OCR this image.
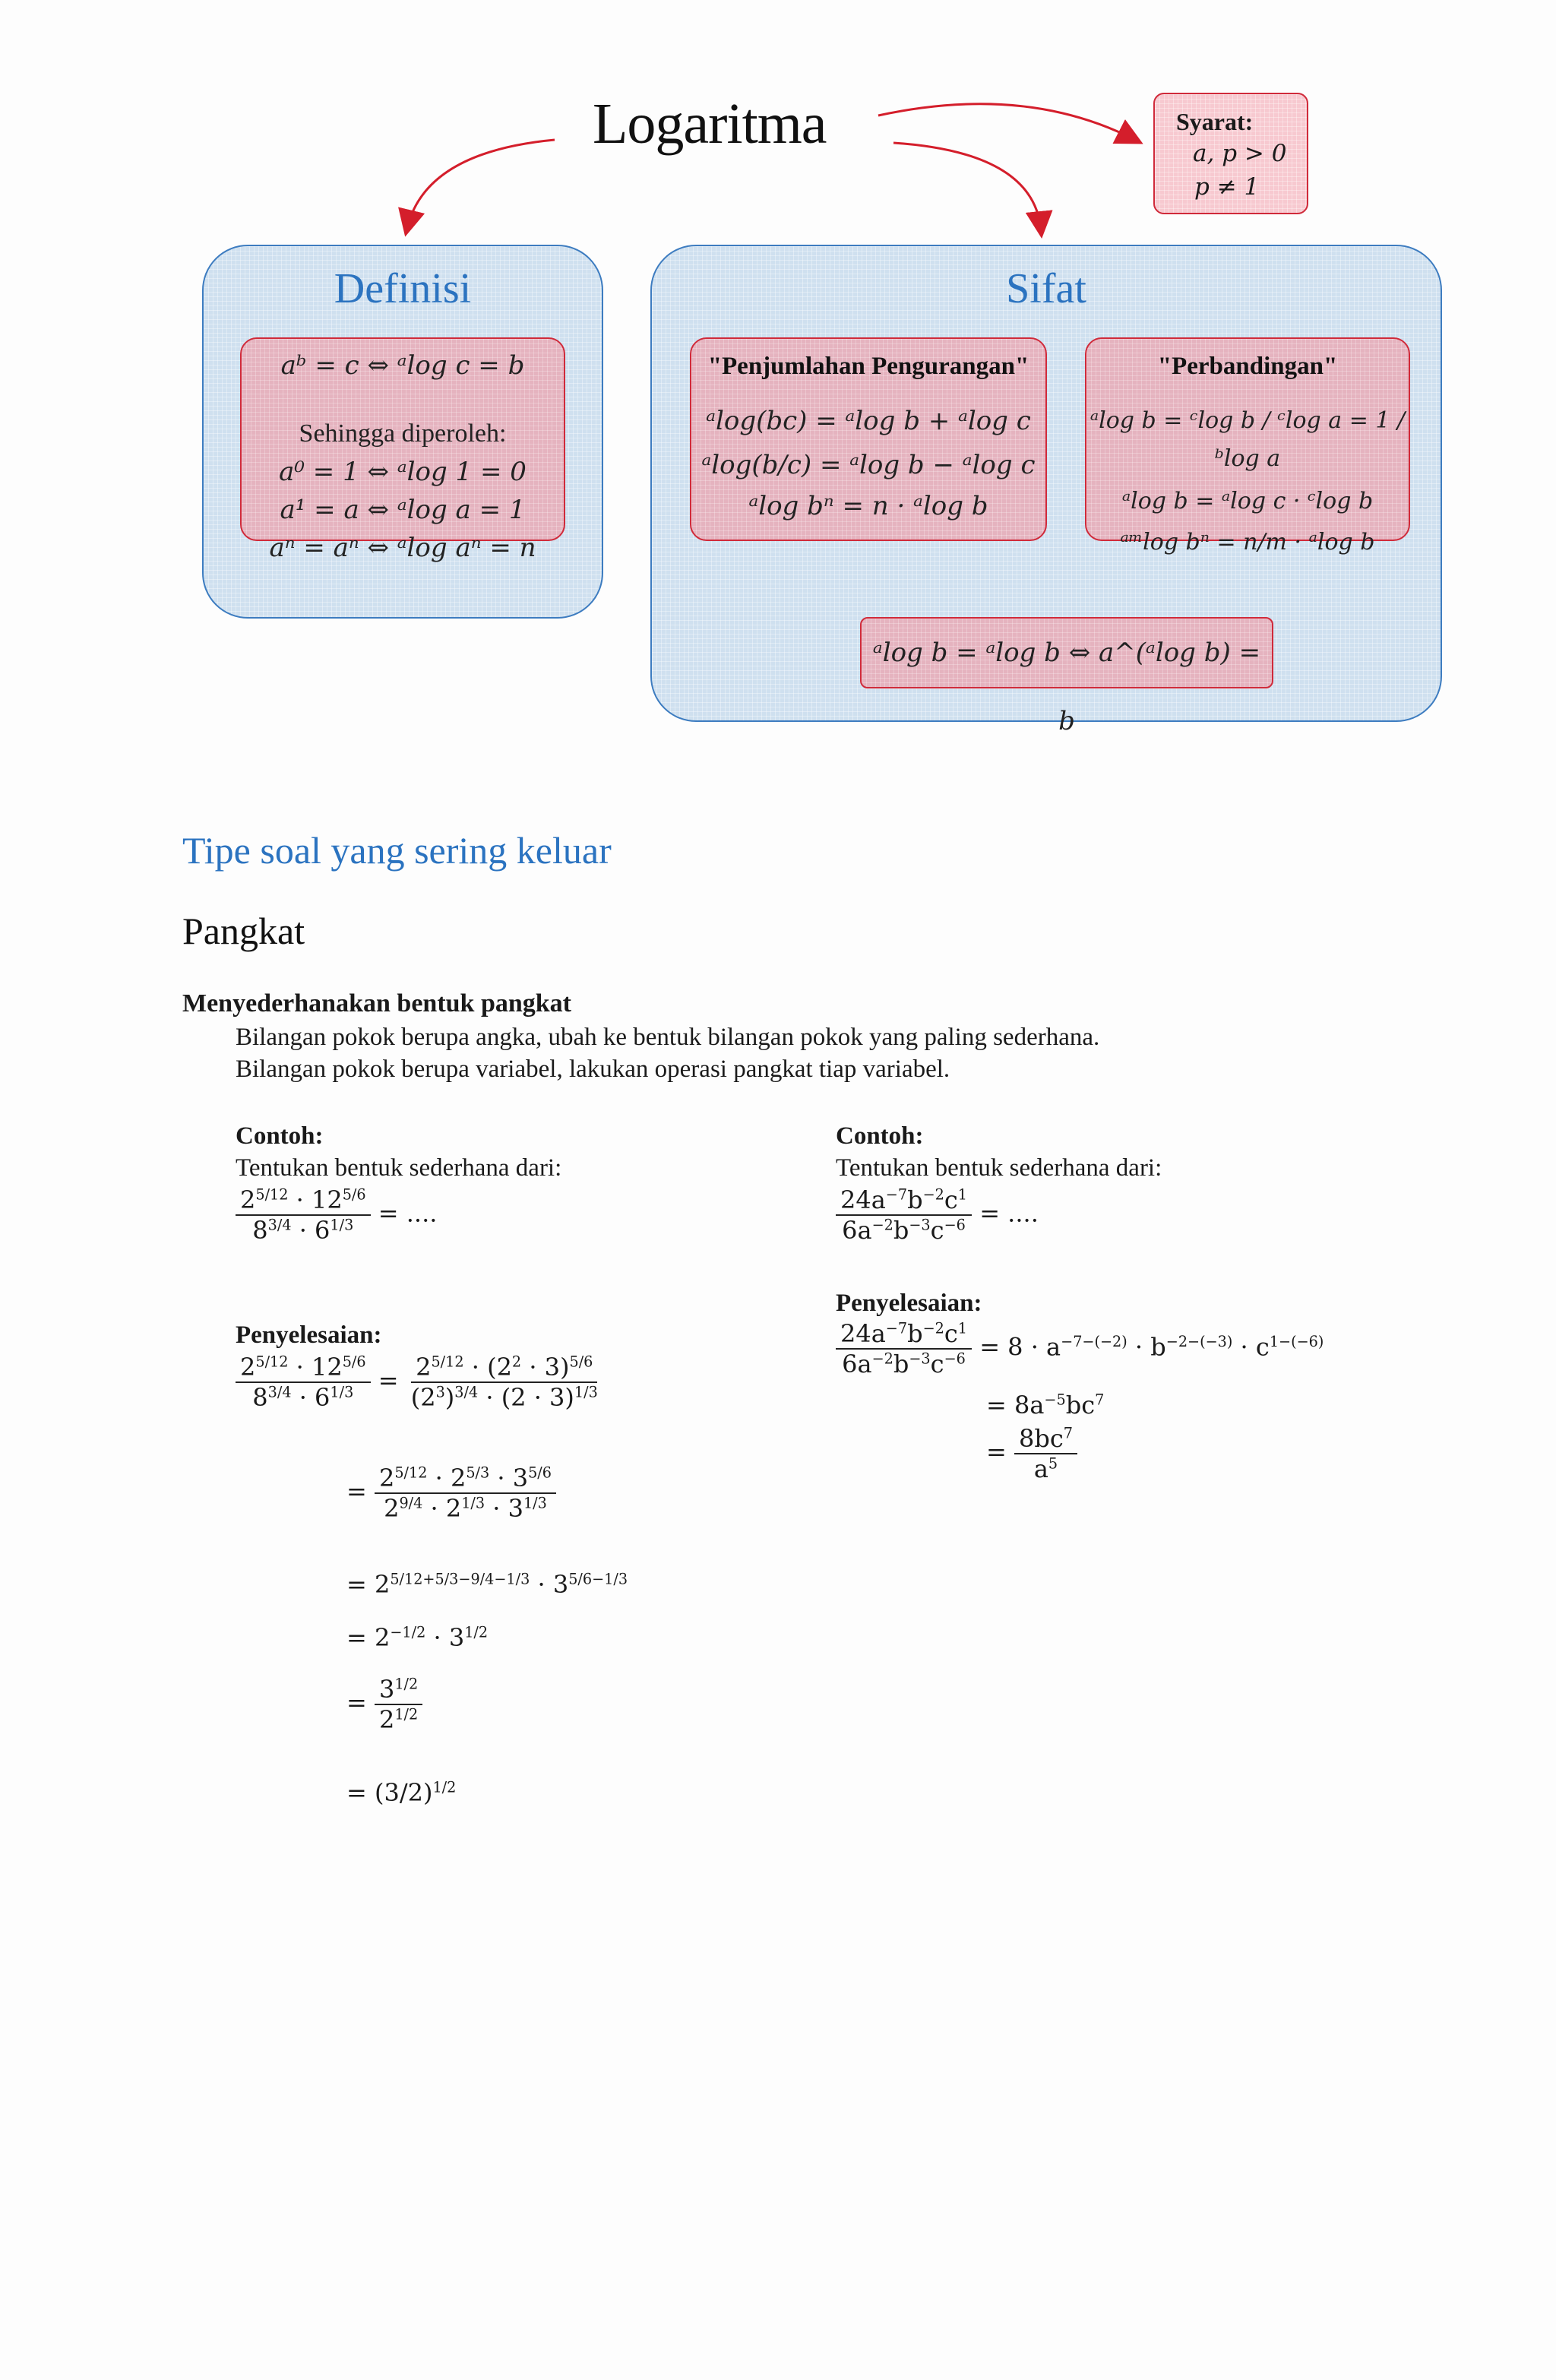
Logaritma	Syarat:
a, p > 0
p ≠ 1
Definisi
aᵇ = c ⇔ ᵃlog c = b
Sehingga diperoleh:
a⁰ = 1 ⇔ ᵃlog 1 = 0
a¹ = a ⇔ ᵃlog a = 1
aⁿ = aⁿ ⇔ ᵃlog aⁿ = n
Sifat
"Penjumlahan Pengurangan"
ᵃlog(bc) = ᵃlog b + ᵃlog c
ᵃlog(b/c) = ᵃlog b − ᵃlog c
ᵃlog bⁿ = n · ᵃlog b
"Perbandingan"
ᵃlog b = ᶜlog b / ᶜlog a = 1 / ᵇlog a
ᵃlog b = ᵃlog c · ᶜlog b
ᵃᵐlog bⁿ = n/m · ᵃlog b
ᵃlog b = ᵃlog b ⇔ a^(ᵃlog b) = b
Tipe soal yang sering keluar
Pangkat
Menyederhanakan bentuk pangkat
Bilangan pokok berupa angka, ubah ke bentuk bilangan pokok yang paling sederhana.
Bilangan pokok berupa variabel, lakukan operasi pangkat tiap variabel.
Contoh:
Tentukan bentuk sederhana dari:
$\frac{2^{5/12} \cdot 12^{5/6}}{8^{3/4} \cdot 6^{1/3}}$ = ....
Penyelesaian:
$\frac{2^{5/12} \cdot 12^{5/6}}{8^{3/4} \cdot 6^{1/3}} = \frac{2^{5/12} \cdot (2^2 \cdot 3)^{5/6}}{(2^3)^{3/4} \cdot (2 \cdot 3)^{1/3}}$
= $\frac{2^{5/12} \cdot 2^{5/3} \cdot 3^{5/6}}{2^{9/4} \cdot 2^{1/3} \cdot 3^{1/3}}$
= $2^{5/12+5/3-9/4-1/3} \cdot 3^{5/6-1/3}$
= $2^{-1/2} \cdot 3^{1/2}$
= $\frac{3^{1/2}}{2^{1/2}}$
= $(3/2)^{1/2}$
Contoh:
Tentukan bentuk sederhana dari:
$\frac{24a^{-7}b^{-2}c^1}{6a^{-2}b^{-3}c^{-6}}$ = ....
Penyelesaian:
$\frac{24a^{-7}b^{-2}c^1}{6a^{-2}b^{-3}c^{-6}} = 8 \cdot a^{-7-(-2)} \cdot b^{-2-(-3)} \cdot c^{1-(-6)}$
= $8a^{-5}bc^7$
= $\frac{8bc^7}{a^5}$
